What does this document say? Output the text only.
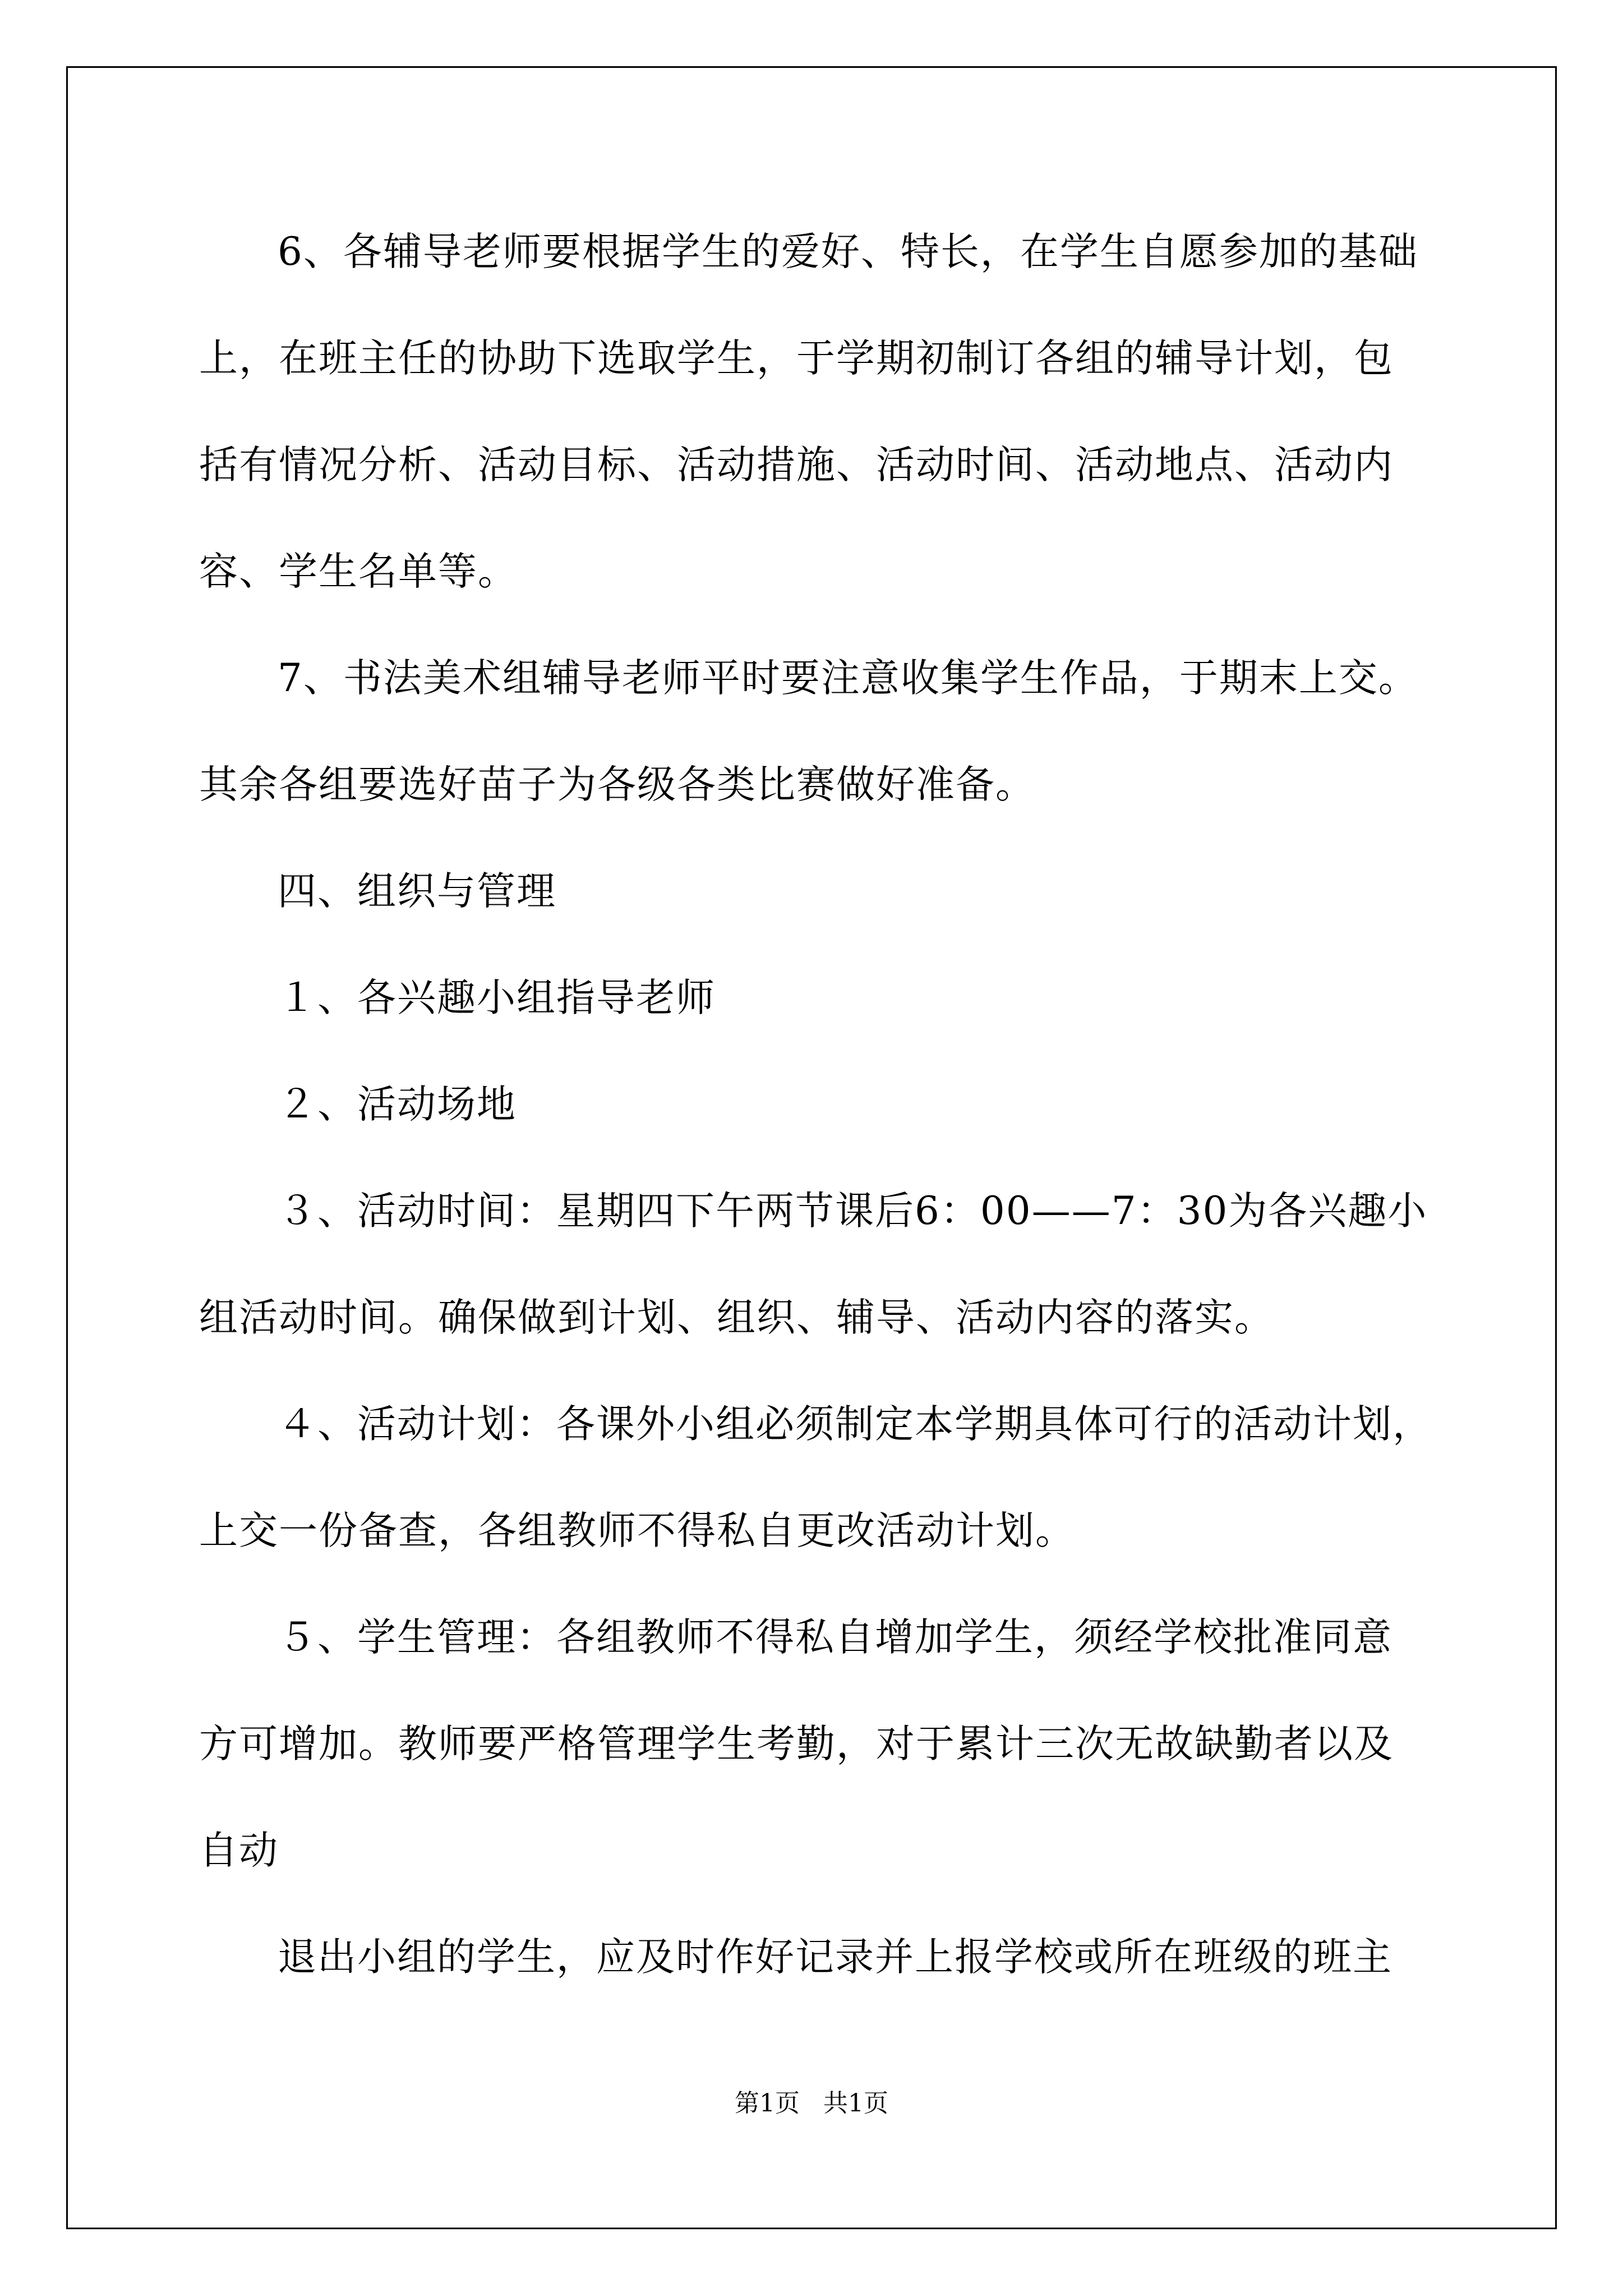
6、各辅导老师要根据学生的爱好、特长，在学生自愿参加的基础
上，在班主任的协助下选取学生，于学期初制订各组的辅导计划，包
括有情况分析、活动目标、活动措施、活动时间、活动地点、活动内
容、学生名单等。
7、书法美术组辅导老师平时要注意收集学生作品，于期末上交。
其余各组要选好苗子为各级各类比赛做好准备。
四、组织与管理
１、各兴趣小组指导老师
２、活动场地
３、活动时间：星期四下午两节课后6：00——7：30为各兴趣小
组活动时间。确保做到计划、组织、辅导、活动内容的落实。
４、活动计划：各课外小组必须制定本学期具体可行的活动计划，
上交一份备查，各组教师不得私自更改活动计划。
５、学生管理：各组教师不得私自增加学生，须经学校批准同意
方可增加。教师要严格管理学生考勤，对于累计三次无故缺勤者以及
自动
退出小组的学生，应及时作好记录并上报学校或所在班级的班主
第1页   共1页
